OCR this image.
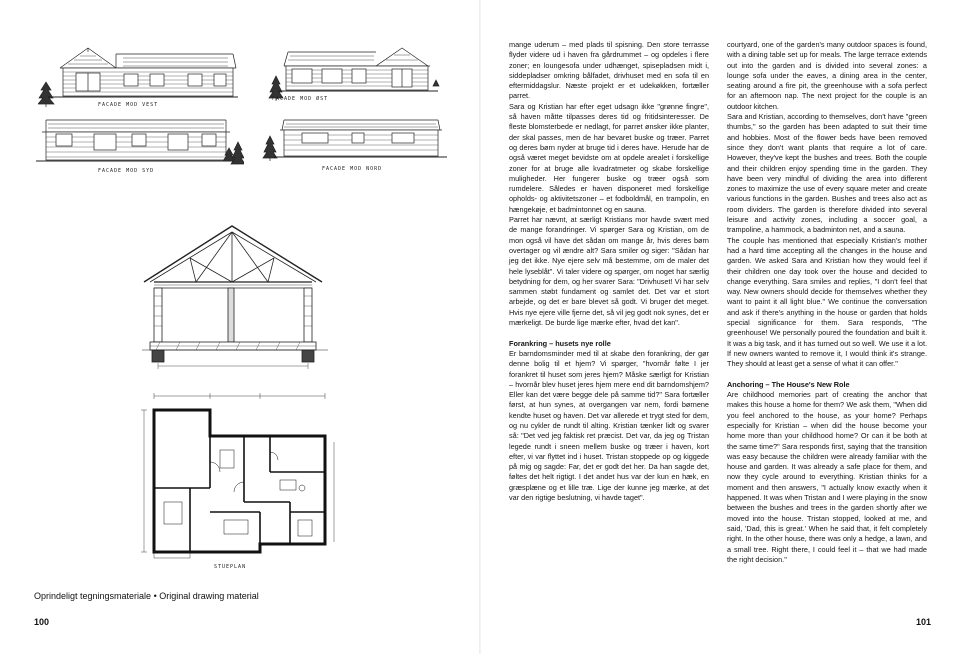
FACADE MOD VEST
FACADE MOD ØST
FACADE MOD SYD	FACADE MOD NORD
STUEPLAN
Oprindeligt tegningsmateriale • Original drawing material
100

mange uderum – med plads til spisning. Den store terrasse flyder videre ud i haven fra gårdrummet – og opdeles i flere zoner; en loungesofa under udhænget, spisepladsen midt i, siddepladser omkring bålfadet, drivhuset med en sofa til en eftermiddagslur. Næste projekt er et udekøkken, fortæller parret.

Sara og Kristian har efter eget udsagn ikke "grønne fingre", så haven måtte tilpasses deres tid og fritidsinteresser. De fleste blomsterbede er nedlagt, for parret ønsker ikke planter, der skal passes, men de har bevaret buske og træer. Parret og deres børn nyder at bruge tid i deres have. Herude har de også været meget bevidste om at opdele arealet i forskellige zoner for at bruge alle kvadratmeter og skabe forskellige muligheder. Her fungerer buske og træer også som rumdelere. Således er haven disponeret med forskellige opholds- og aktivitetszoner – et fodboldmål, en trampolin, en hængekøje, et badmintonnet og en sauna.

Parret har nævnt, at særligt Kristians mor havde svært med de mange forandringer. Vi spørger Sara og Kristian, om de mon også vil have det sådan om mange år, hvis deres børn overtager og vil ændre alt? Sara smiler og siger: "Sådan har jeg det ikke. Nye ejere selv må bestemme, om de maler det hele lyseblåt". Vi taler videre og spørger, om noget har særlig betydning for dem, og her svarer Sara: "Drivhuset! Vi har selv sammen støbt fundament og samlet det. Det var et stort arbejde, og det er bare blevet så godt. Vi bruger det meget. Hvis nye ejere ville fjerne det, så vil jeg godt nok synes, det er mærkeligt. De burde lige mærke efter, hvad det kan".

Forankring – husets nye rolle

Er barndomsminder med til at skabe den forankring, der gør denne bolig til et hjem? Vi spørger, "hvornår følte I jer forankret til huset som jeres hjem? Måske særligt for Kristian – hvornår blev huset jeres hjem mere end dit barndomshjem? Eller kan det være begge dele på samme tid?" Sara fortæller først, at hun synes, at overgangen var nem, fordi børnene kendte huset og haven. Det var allerede et trygt sted for dem, og nu cykler de rundt til alting. Kristian tænker lidt og svarer så: "Det ved jeg faktisk ret præcist. Det var, da jeg og Tristan legede rundt i sneen mellem buske og træer i haven, kort efter, vi var flyttet ind i huset. Tristan stoppede op og kiggede på mig og sagde: Far, det er godt det her. Da han sagde det, føltes det helt rigtigt. I det andet hus var der kun en hæk, en græsplæne og et lille træ. Lige der kunne jeg mærke, at det var den rigtige beslutning, vi havde taget".

courtyard, one of the garden's many outdoor spaces is found, with a dining table set up for meals. The large terrace extends out into the garden and is divided into several zones: a lounge sofa under the eaves, a dining area in the center, seating around a fire pit, the greenhouse with a sofa perfect for an afternoon nap. The next project for the couple is an outdoor kitchen.

Sara and Kristian, according to themselves, don't have "green thumbs," so the garden has been adapted to suit their time and hobbies. Most of the flower beds have been removed since they don't want plants that require a lot of care. However, they've kept the bushes and trees. Both the couple and their children enjoy spending time in the garden. They have been very mindful of dividing the area into different zones to maximize the use of every square meter and create various functions in the garden. Bushes and trees also act as room dividers. The garden is therefore divided into several leisure and activity zones, including a soccer goal, a trampoline, a hammock, a badminton net, and a sauna.

The couple has mentioned that especially Kristian's mother had a hard time accepting all the changes in the house and garden. We asked Sara and Kristian how they would feel if their children one day took over the house and decided to change everything. Sara smiles and replies, "I don't feel that way. New owners should decide for themselves whether they want to paint it all light blue." We continue the conversation and ask if there's anything in the house or garden that holds special significance for them. Sara responds, "The greenhouse! We personally poured the foundation and built it. It was a big task, and it has turned out so well. We use it a lot. If new owners wanted to remove it, I would think it's strange. They should at least get a sense of what it can offer."

Anchoring – The House's New Role

Are childhood memories part of creating the anchor that makes this house a home for them? We ask them, "When did you feel anchored to the house, as your home? Perhaps especially for Kristian – when did the house become your home more than your childhood home? Or can it be both at the same time?" Sara responds first, saying that the transition was easy because the children were already familiar with the house and garden. It was already a safe place for them, and now they cycle around to everything. Kristian thinks for a moment and then answers, "I actually know exactly when it happened. It was when Tristan and I were playing in the snow between the bushes and trees in the garden shortly after we moved into the house. Tristan stopped, looked at me, and said, 'Dad, this is great.' When he said that, it felt completely right. In the other house, there was only a hedge, a lawn, and a small tree. Right there, I could feel it – that we had made the right decision."

101
